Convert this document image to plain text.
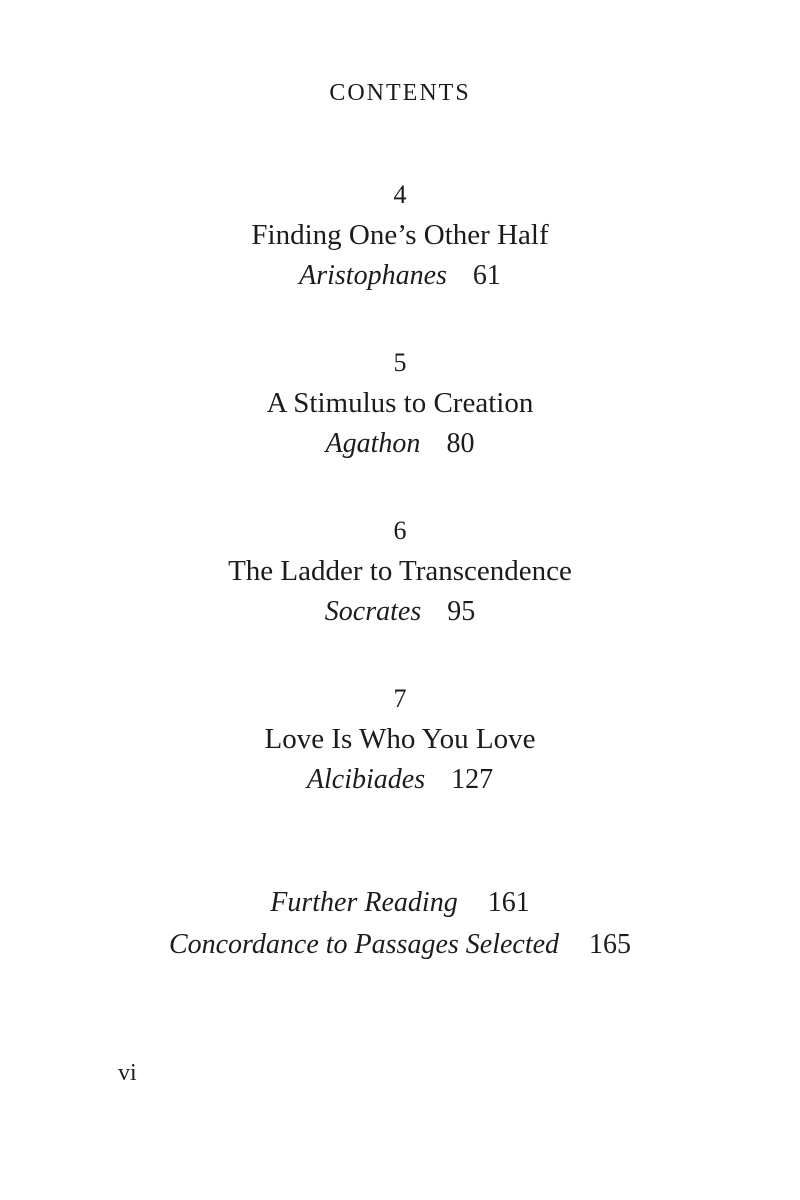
CONTENTS
4
Finding One’s Other Half
Aristophanes 61
5
A Stimulus to Creation
Agathon 80
6
The Ladder to Transcendence
Socrates 95
7
Love Is Who You Love
Alcibiades 127
Further Reading 161
Concordance to Passages Selected 165
vi
